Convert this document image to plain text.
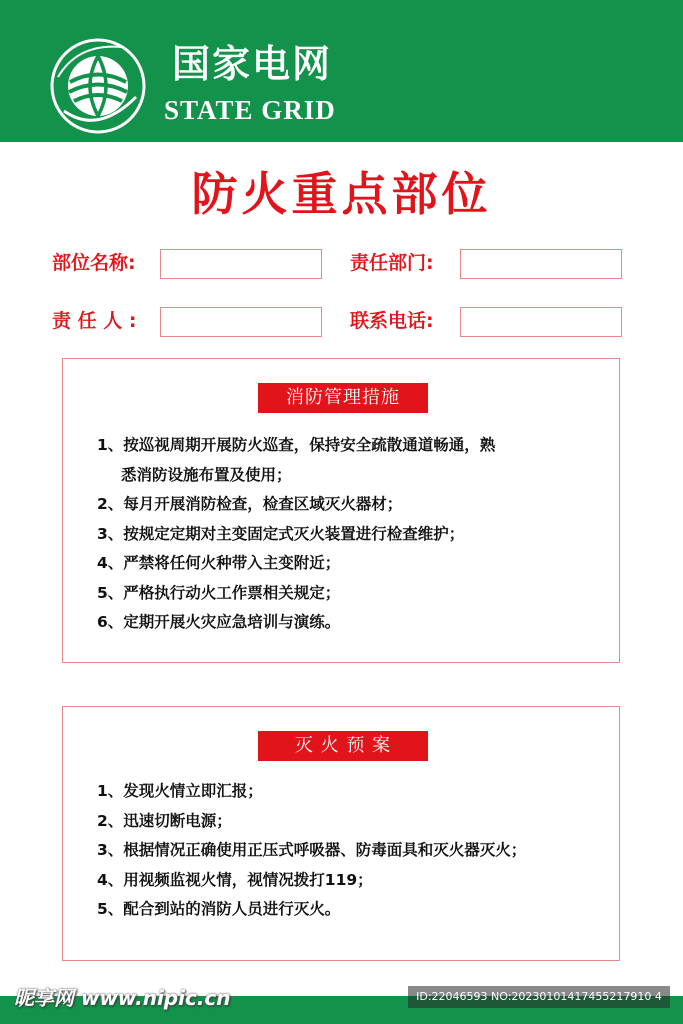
国家电网
STATE GRID
防火重点部位
部位名称:	责任部门:
责 任 人 :	联系电话:
消防管理措施
1、按巡视周期开展防火巡查，保持安全疏散通道畅通，熟
悉消防设施布置及使用；
2、每月开展消防检查，检查区域灭火器材；
3、按规定定期对主变固定式灭火装置进行检查维护；
4、严禁将任何火种带入主变附近；
5、严格执行动火工作票相关规定；
6、定期开展火灾应急培训与演练。
灭 火 预 案
1、发现火情立即汇报；
2、迅速切断电源；
3、根据情况正确使用正压式呼吸器、防毒面具和灭火器灭火；
4、用视频监视火情，视情况拨打119；
5、配合到站的消防人员进行灭火。
昵享网 www.nipic.cn	ID:22046593 NO:20230101417455217910 4
